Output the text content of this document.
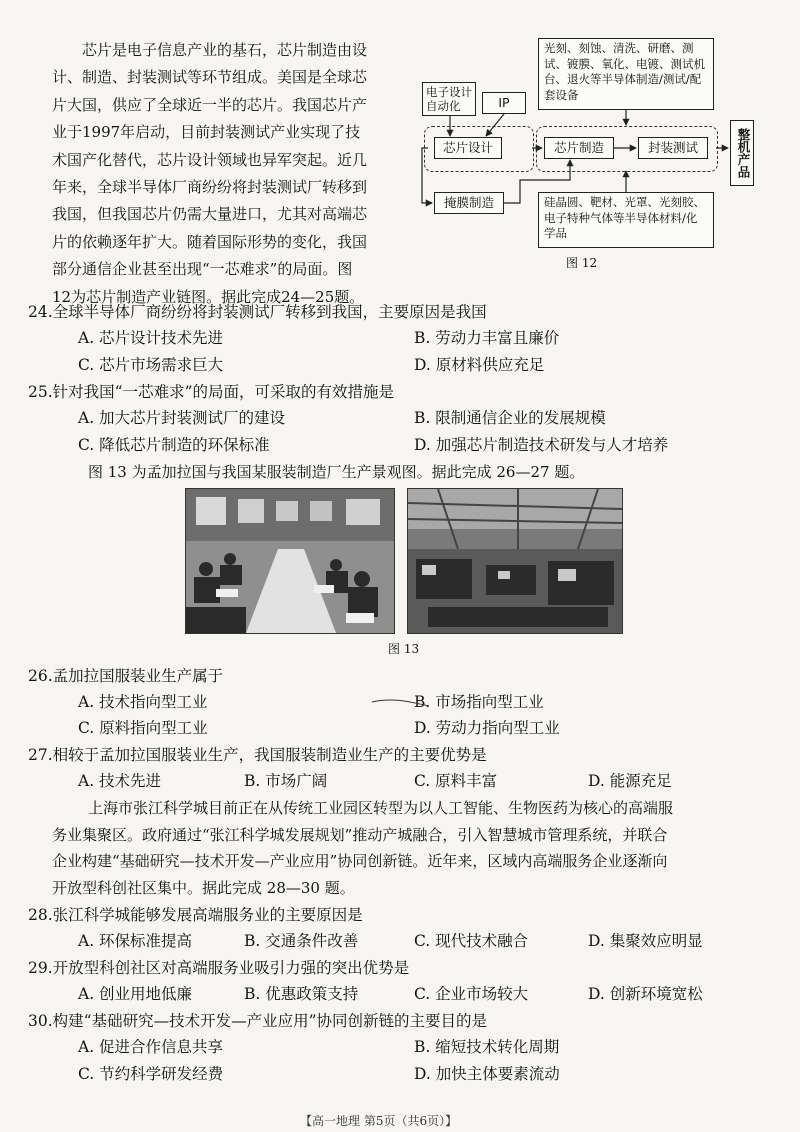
芯片是电子信息产业的基石，芯片制造由设
计、制造、封装测试等环节组成。美国是全球芯
片大国，供应了全球近一半的芯片。我国芯片产
业于1997年启动，目前封装测试产业实现了技
术国产化替代，芯片设计领域也异军突起。近几
年来，全球半导体厂商纷纷将封装测试厂转移到
我国，但我国芯片仍需大量进口，尤其对高端芯
片的依赖逐年扩大。随着国际形势的变化，我国
部分通信企业甚至出现“一芯难求”的局面。图
12为芯片制造产业链图。据此完成24—25题。
光刻、刻蚀、清洗、研磨、测试、镀膜、氧化、电镀、测试机台、退火等半导体制造/测试/配套设备
电子设计自动化	IP
芯片设计	芯片制造	封装测试	整机产品
掩膜制造	硅晶圆、靶材、光罩、光刻胶、电子特种气体等半导体材料/化学品
图 12
24.全球半导体厂商纷纷将封装测试厂转移到我国，主要原因是我国
A. 芯片设计技术先进	B. 劳动力丰富且廉价
C. 芯片市场需求巨大	D. 原材料供应充足
25.针对我国“一芯难求”的局面，可采取的有效措施是
A. 加大芯片封装测试厂的建设	B. 限制通信企业的发展规模
C. 降低芯片制造的环保标准	D. 加强芯片制造技术研发与人才培养
图 13 为孟加拉国与我国某服装制造厂生产景观图。据此完成 26—27 题。
图 13
26.孟加拉国服装业生产属于
A. 技术指向型工业	B. 市场指向型工业
C. 原料指向型工业	D. 劳动力指向型工业
27.相较于孟加拉国服装业生产，我国服装制造业生产的主要优势是
A. 技术先进	B. 市场广阔	C. 原料丰富	D. 能源充足
上海市张江科学城目前正在从传统工业园区转型为以人工智能、生物医药为核心的高端服
务业集聚区。政府通过“张江科学城发展规划”推动产城融合，引入智慧城市管理系统，并联合
企业构建“基础研究—技术开发—产业应用”协同创新链。近年来，区域内高端服务企业逐渐向
开放型科创社区集中。据此完成 28—30 题。
28.张江科学城能够发展高端服务业的主要原因是
A. 环保标准提高	B. 交通条件改善	C. 现代技术融合	D. 集聚效应明显
29.开放型科创社区对高端服务业吸引力强的突出优势是
A. 创业用地低廉	B. 优惠政策支持	C. 企业市场较大	D. 创新环境宽松
30.构建“基础研究—技术开发—产业应用”协同创新链的主要目的是
A. 促进合作信息共享	B. 缩短技术转化周期
C. 节约科学研发经费	D. 加快主体要素流动
【高一地理 第5页（共6页）】
